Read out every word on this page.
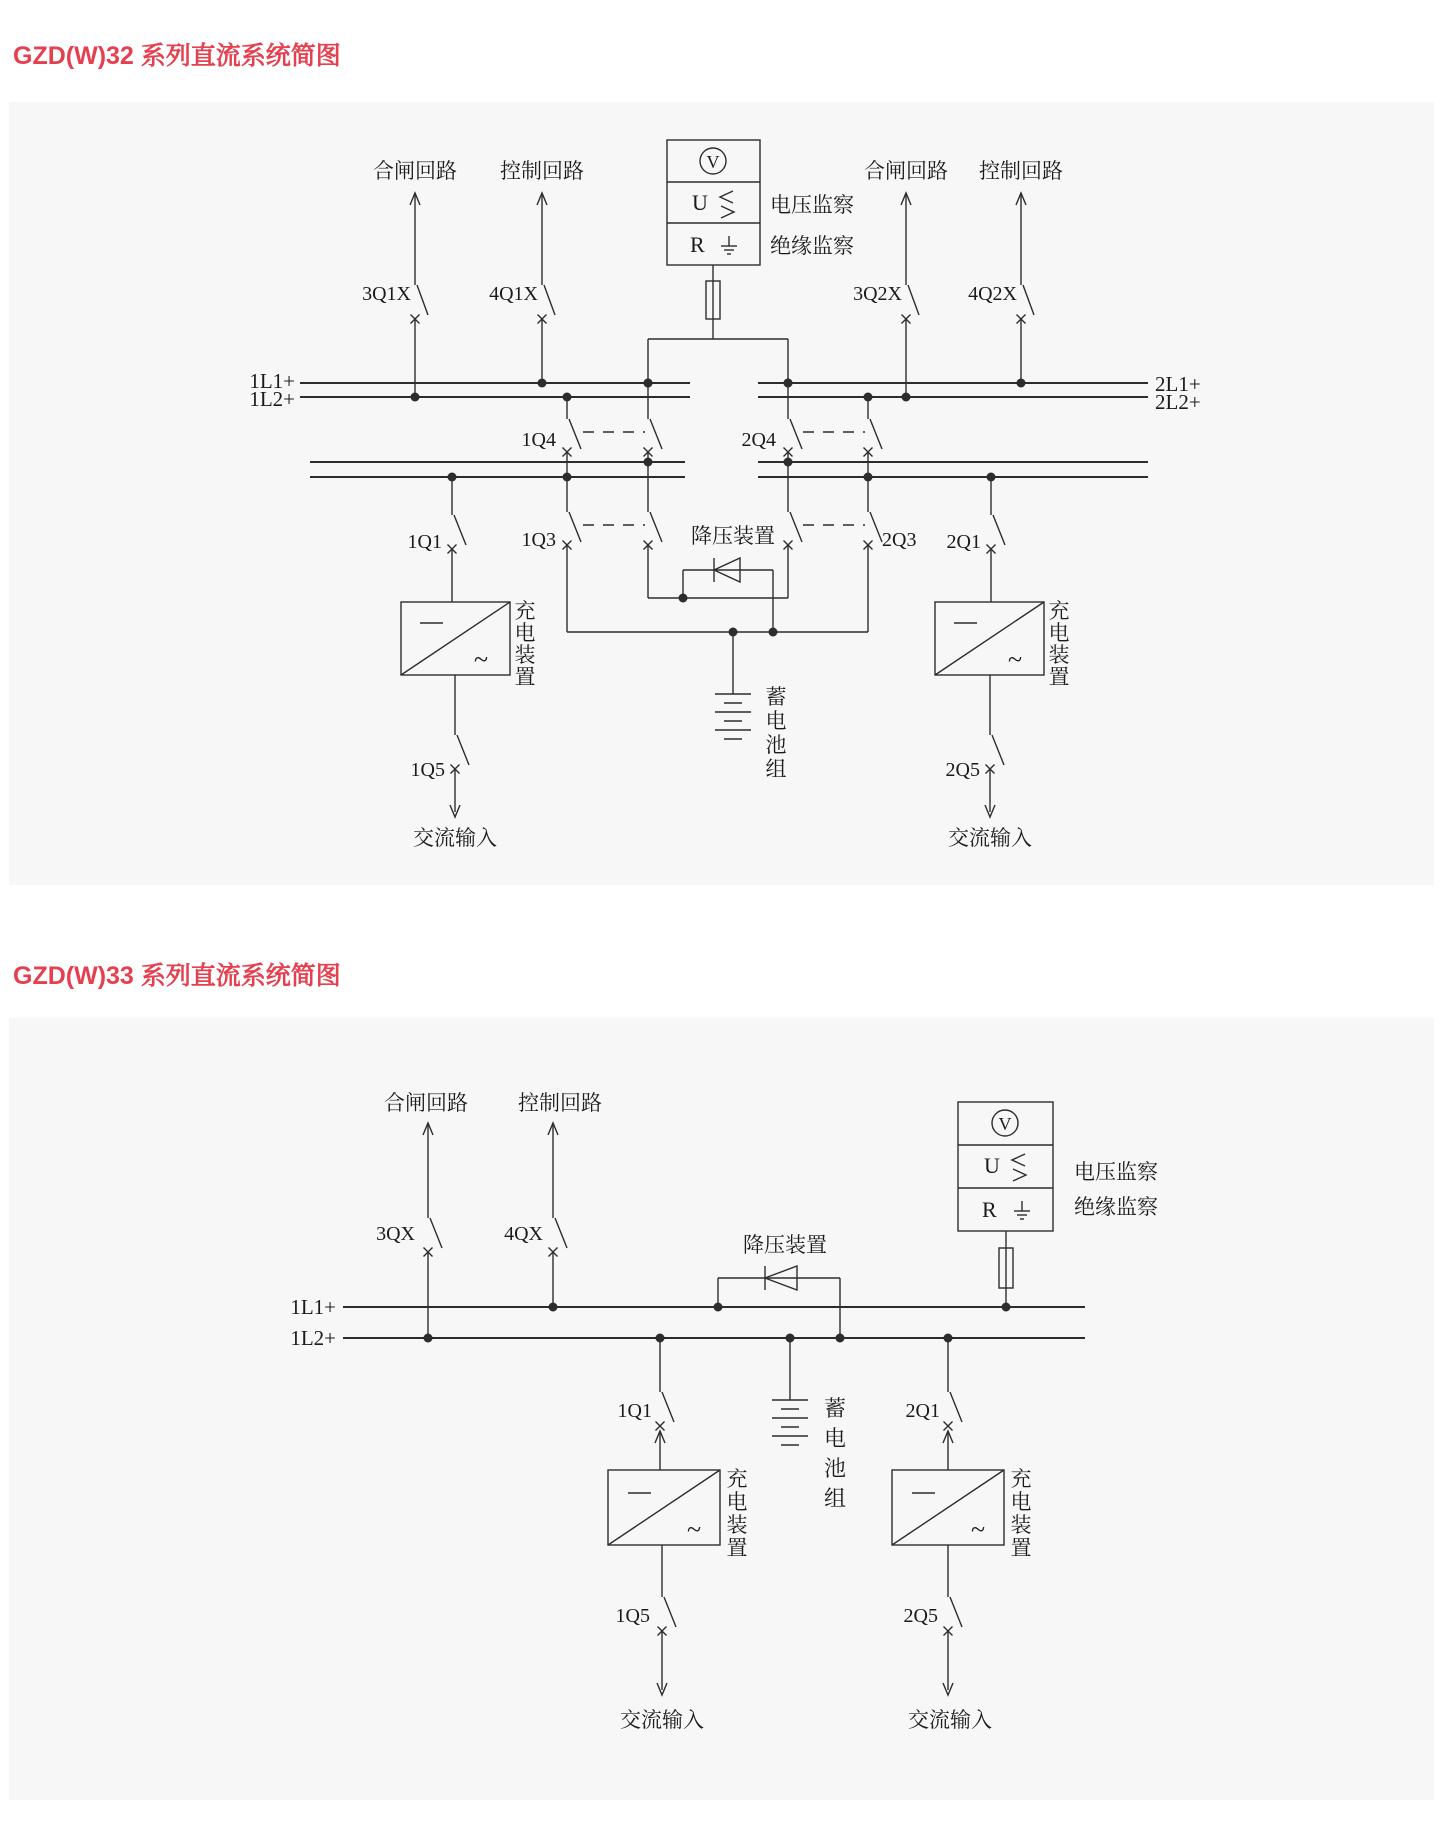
GZD(W)32 系列直流系统简图
1L1+
1L2+
2L1+
2L2+
V
U
R
电压监察
绝缘监察
合闸回路
3Q1X
控制回路
4Q1X
合闸回路
3Q2X
控制回路
4Q2X
1Q4	2Q4
1Q3	2Q3
降压装置
蓄电池组
1Q1
~
充电装置
1Q5
交流输入
2Q1
~
充电装置
2Q5
交流输入
GZD(W)33 系列直流系统简图
1L1+
1L2+
合闸回路
3QX
控制回路
4QX	降压装置
V
U
R
电压监察
绝缘监察
蓄电池组
1Q1
~
充电装置
1Q5
交流输入
2Q1
~
充电装置
2Q5
交流输入
